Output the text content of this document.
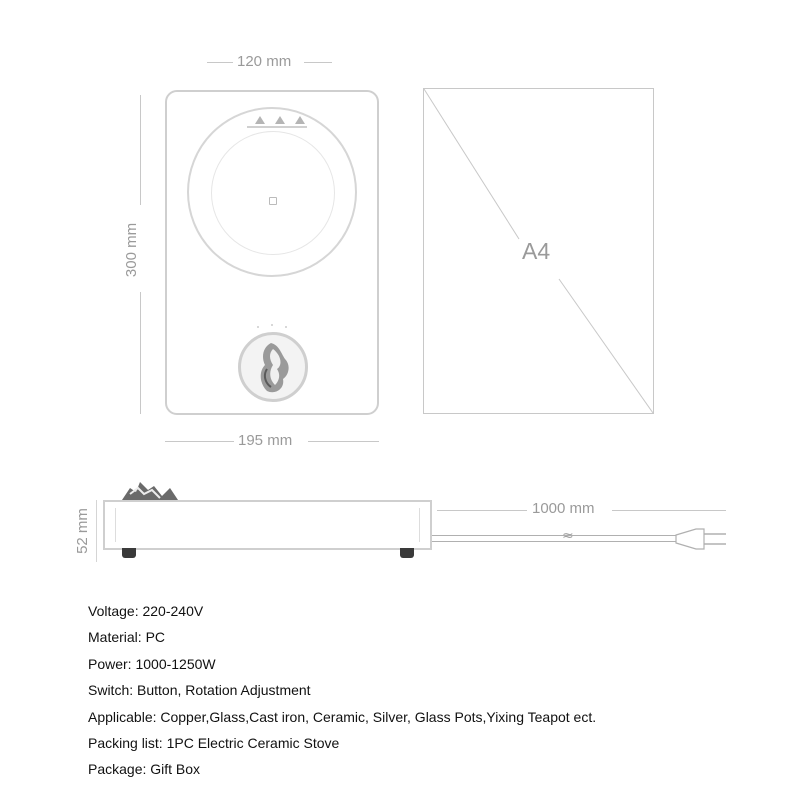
120 mm
300 mm
195 mm
A4
52 mm	≈
1000 mm
Voltage: 220-240V
Material: PC
Power: 1000-1250W
Switch: Button, Rotation Adjustment
Applicable: Copper,Glass,Cast iron, Ceramic, Silver, Glass Pots,Yixing Teapot ect.
Packing list: 1PC Electric Ceramic Stove
Package: Gift Box
